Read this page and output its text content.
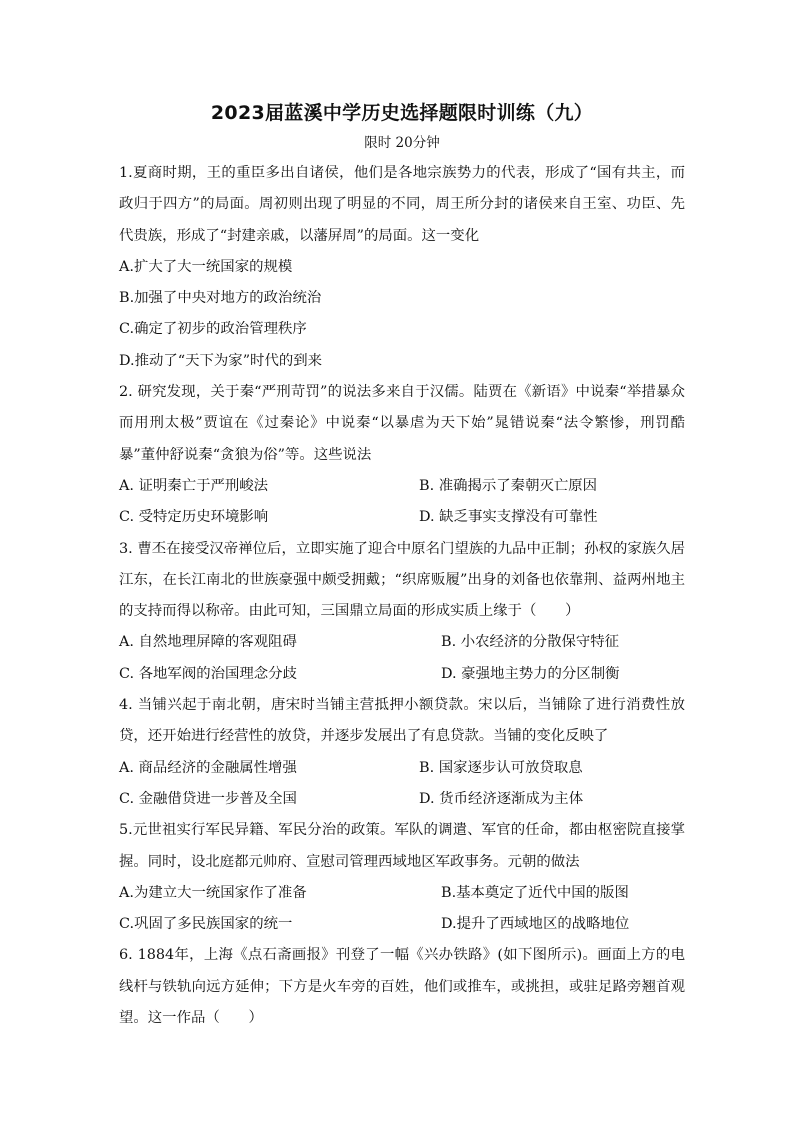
2023届蓝溪中学历史选择题限时训练（九）
限时 20分钟

1.夏商时期，王的重臣多出自诸侯，他们是各地宗族势力的代表，形成了“国有共主，而政归于四方”的局面。周初则出现了明显的不同，周王所分封的诸侯来自王室、功臣、先代贵族，形成了“封建亲戚，以藩屏周”的局面。这一变化

A.扩大了大一统国家的规模

B.加强了中央对地方的政治统治

C.确定了初步的政治管理秩序

D.推动了“天下为家”时代的到来

2. 研究发现，关于秦“严刑苛罚”的说法多来自于汉儒。陆贾在《新语》中说秦“举措暴众而用刑太极”贾谊在《过秦论》中说秦“以暴虐为天下始”晁错说秦“法令繁惨，刑罚酷暴”董仲舒说秦“贪狼为俗”等。这些说法

A. 证明秦亡于严刑峻法	B. 准确揭示了秦朝灭亡原因
C. 受特定历史环境影响	D. 缺乏事实支撑没有可靠性

3. 曹丕在接受汉帝禅位后，立即实施了迎合中原名门望族的九品中正制；孙权的家族久居江东，在长江南北的世族豪强中颇受拥戴；“织席贩履”出身的刘备也依靠荆、益两州地主的支持而得以称帝。由此可知，三国鼎立局面的形成实质上缘于（　　）

A. 自然地理屏障的客观阻碍	B. 小农经济的分散保守特征
C. 各地军阀的治国理念分歧	D. 豪强地主势力的分区制衡

4. 当铺兴起于南北朝，唐宋时当铺主营抵押小额贷款。宋以后，当铺除了进行消费性放贷，还开始进行经营性的放贷，并逐步发展出了有息贷款。当铺的变化反映了

A. 商品经济的金融属性增强	B. 国家逐步认可放贷取息
C. 金融借贷进一步普及全国	D. 货币经济逐渐成为主体

5.元世祖实行军民异籍、军民分治的政策。军队的调遣、军官的任命，都由枢密院直接掌握。同时，设北庭都元帅府、宣慰司管理西域地区军政事务。元朝的做法

A.为建立大一统国家作了准备	B.基本奠定了近代中国的版图
C.巩固了多民族国家的统一	D.提升了西域地区的战略地位

6. 1884年，上海《点石斋画报》刊登了一幅《兴办铁路》(如下图所示)。画面上方的电线杆与铁轨向远方延伸；下方是火车旁的百姓，他们或推车，或挑担，或驻足路旁翘首观望。这一作品（　　）
